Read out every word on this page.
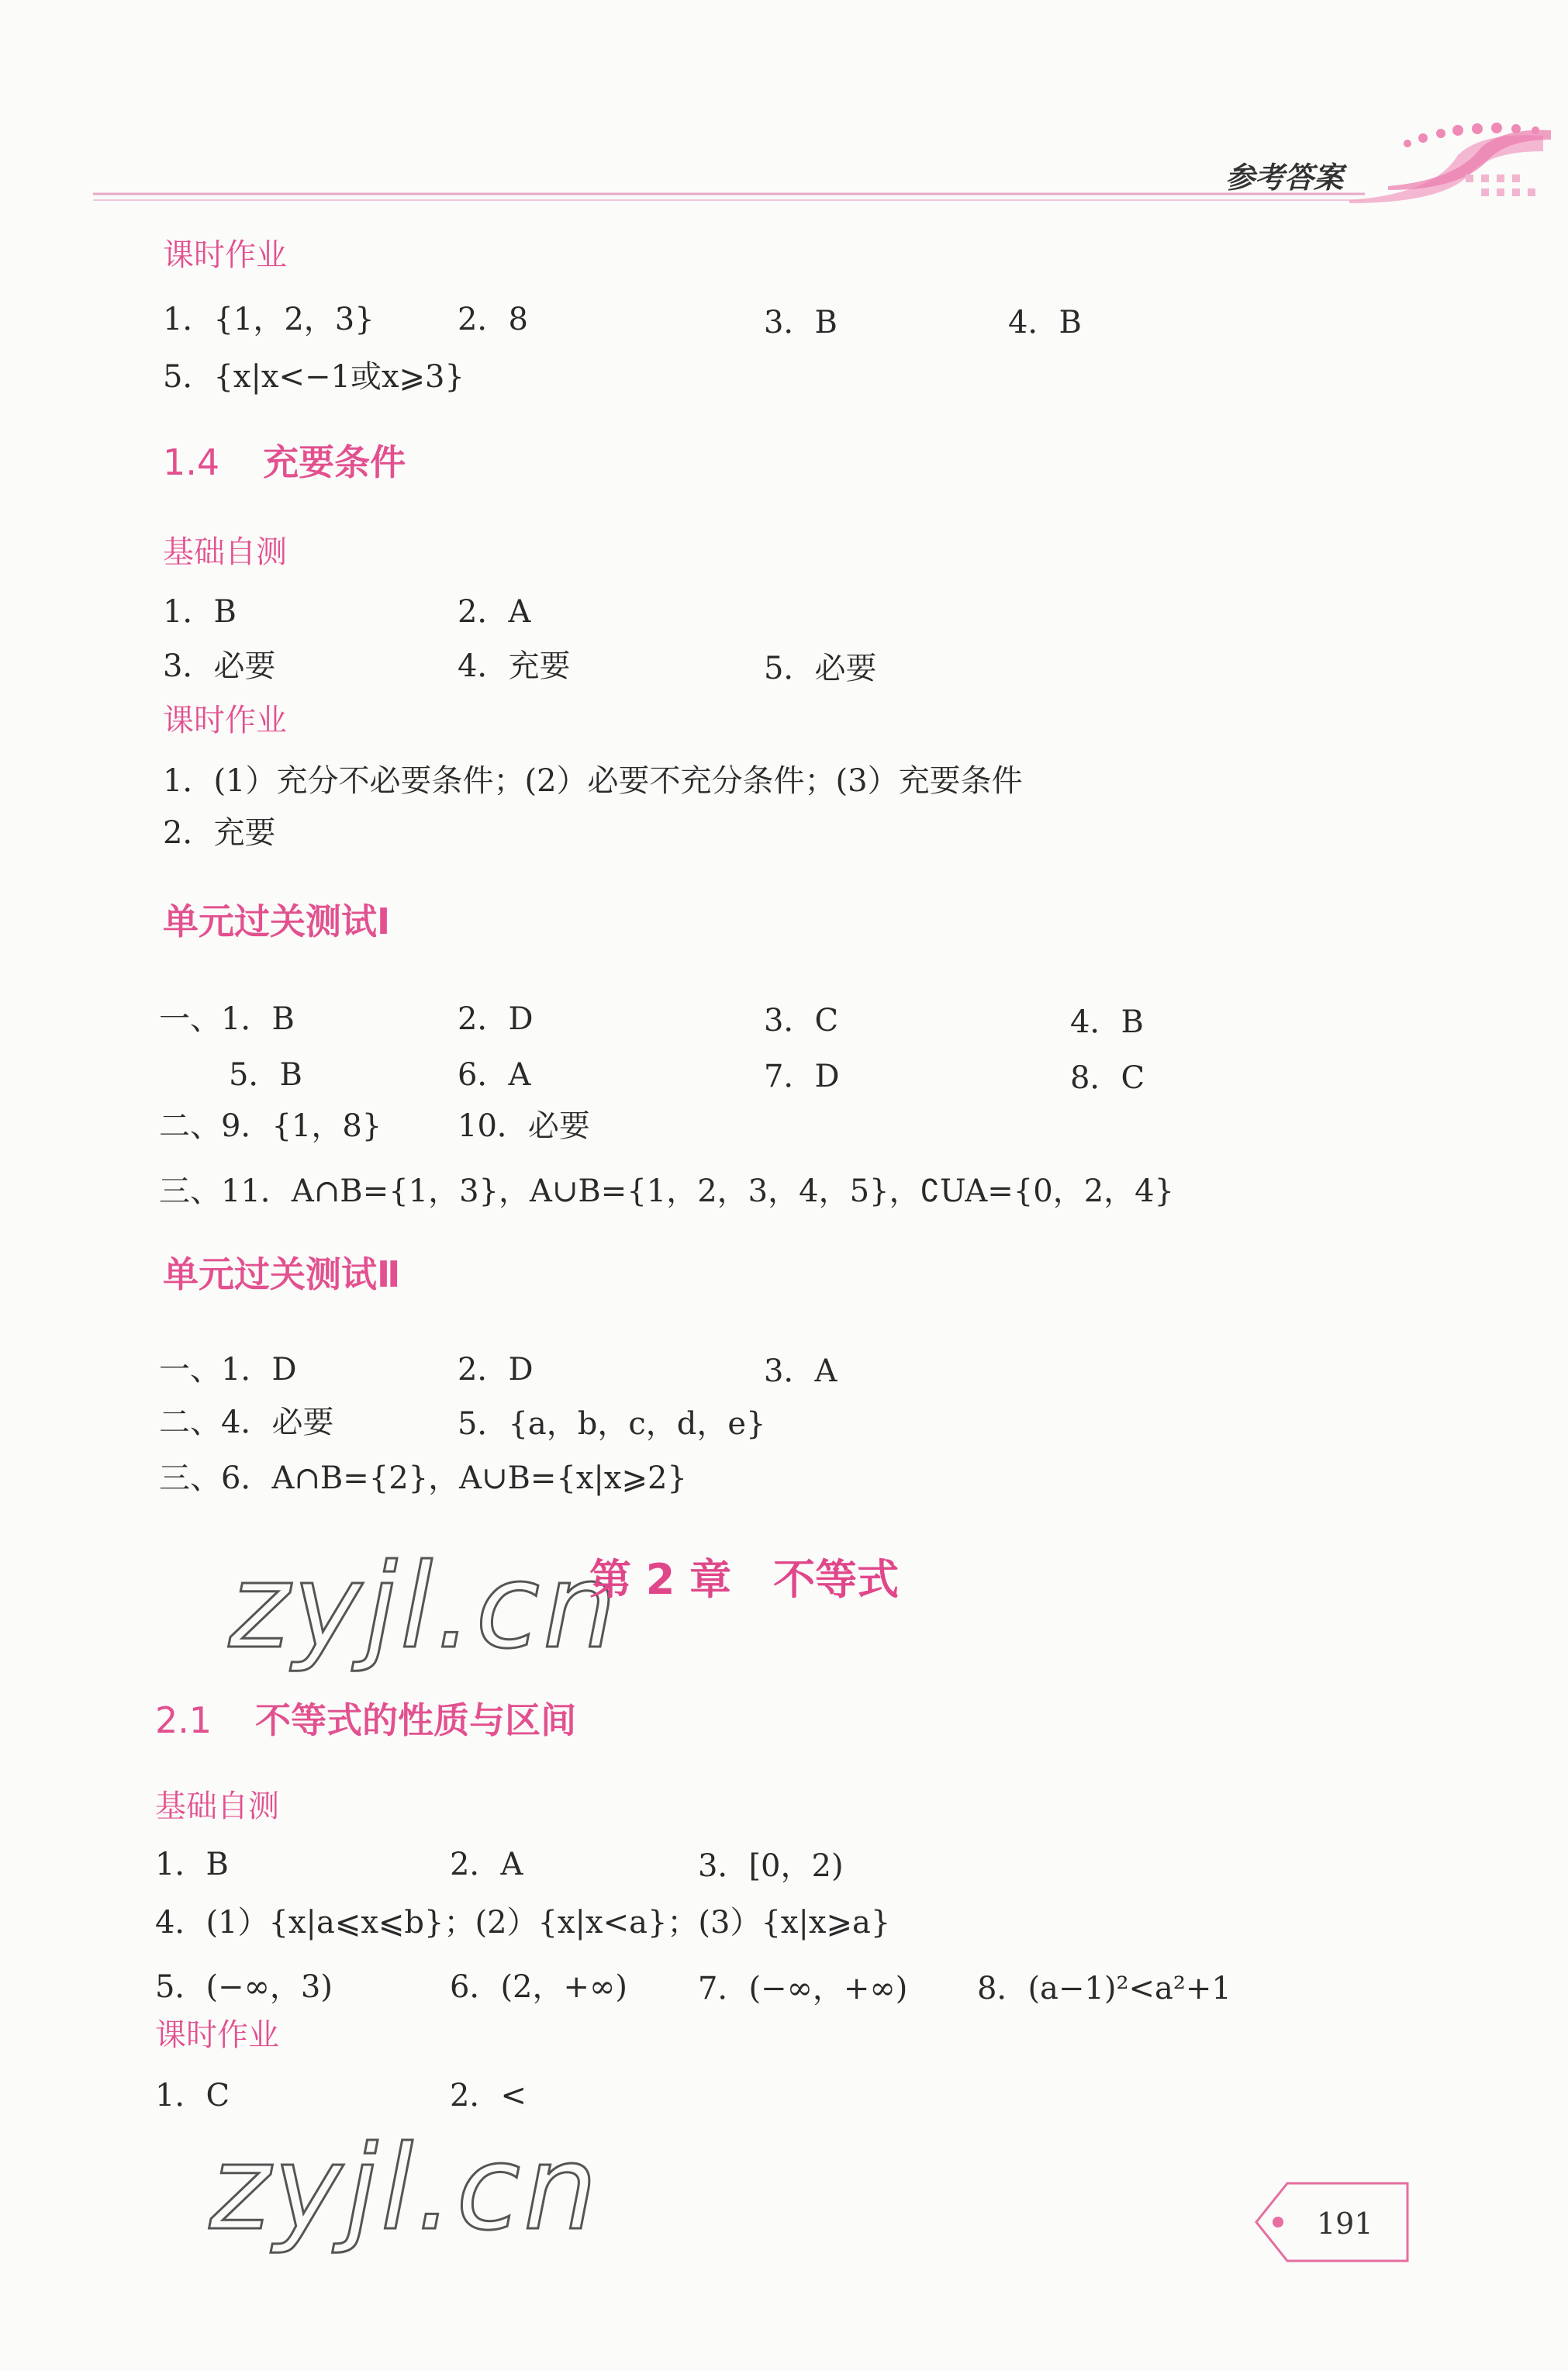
参考答案
课时作业
1．{1，2，3}	2．8	3．B	4．B
5．{x|x<−1或x⩾3}
1.4 充要条件
基础自测
1．B	2．A
3．必要	4．充要	5．必要
课时作业
1．(1）充分不必要条件；(2）必要不充分条件；(3）充要条件
2．充要
单元过关测试Ⅰ
一、1．B	2．D	3．C	4．B
5．B	6．A	7．D	8．C
二、9．{1，8} 10．必要
三、11．A∩B={1，3}，A∪B={1，2，3，4，5}，∁UA={0，2，4}
单元过关测试Ⅱ
一、1．D	2．D	3．A
二、4．必要	5．{a，b，c，d，e}
三、6．A∩B={2}，A∪B={x|x⩾2}
zyjl.cn
第 2 章　不等式
2.1 不等式的性质与区间
基础自测
1．B	2．A	3．[0，2)
4．(1）{x|a⩽x⩽b}；(2）{x|x<a}；(3）{x|x⩾a}
5．(−∞，3)	6．(2，+∞) 7．(−∞，+∞) 8．(a−1)²<a²+1
课时作业
1．C	2．<
zyjl.cn	191
